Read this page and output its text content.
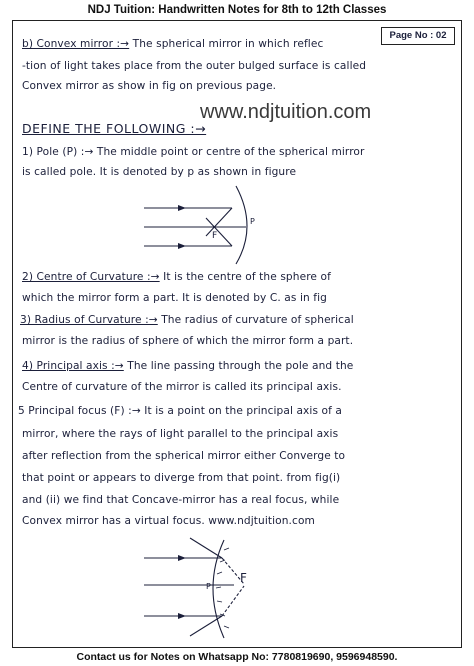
NDJ Tuition: Handwritten Notes for 8th to 12th Classes
Page No : 02
b) Convex mirror :→ The spherical mirror in which reflec
-tion of light takes place from the outer bulged surface is called
Convex mirror as show in fig on previous page.
www.ndjtuition.com
DEFINE THE FOLLOWING :→
1) Pole (P) :→ The middle point or centre of the spherical mirror
is called pole. It is denoted by p as shown in figure
F
P
2) Centre of Curvature :→ It is the centre of the sphere of
which the mirror form a part. It is denoted by C. as in fig
3) Radius of Curvature :→ The radius of curvature of spherical
mirror is the radius of sphere of which the mirror form a part.
4) Principal axis :→ The line passing through the pole and the
Centre of curvature of the mirror is called its principal axis.
5 Principal focus (F) :→ It is a point on the principal axis of a
mirror, where the rays of light parallel to the principal axis
after reflection from the spherical mirror either Converge to
that point or appears to diverge from that point. from fig(i)
and (ii) we find that Concave-mirror has a real focus, while
Convex mirror has a virtual focus. www.ndjtuition.com
F
P
Contact us for Notes on Whatsapp No: 7780819690, 9596948590.
